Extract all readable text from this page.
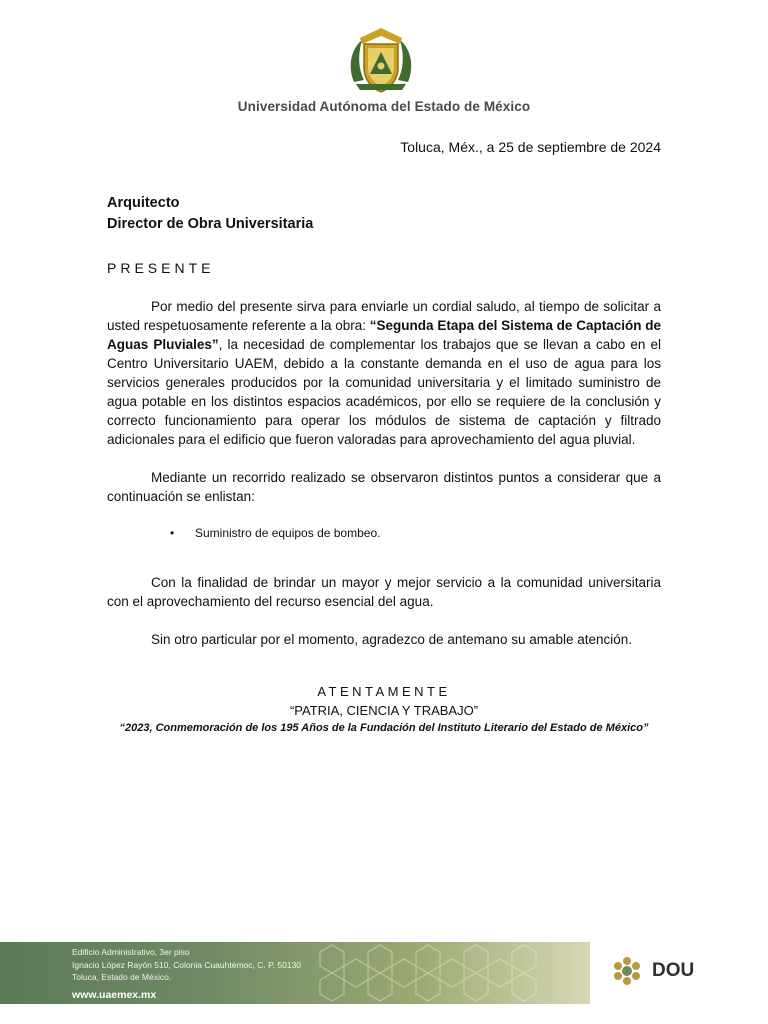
Universidad Autónoma del Estado de México
Toluca, Méx., a 25 de septiembre de 2024
Arquitecto
Director de Obra Universitaria
PRESENTE
Por medio del presente sirva para enviarle un cordial saludo, al tiempo de solicitar a usted respetuosamente referente a la obra: “Segunda Etapa del Sistema de Captación de Aguas Pluviales”, la necesidad de complementar los trabajos que se llevan a cabo en el Centro Universitario UAEM, debido a la constante demanda en el uso de agua para los servicios generales producidos por la comunidad universitaria y el limitado suministro de agua potable en los distintos espacios académicos, por ello se requiere de la conclusión y correcto funcionamiento para operar los módulos de sistema de captación y filtrado adicionales para el edificio que fueron valoradas para aprovechamiento del agua pluvial.
Mediante un recorrido realizado se observaron distintos puntos a considerar que a continuación se enlistan:
• Suministro de equipos de bombeo.
Con la finalidad de brindar un mayor y mejor servicio a la comunidad universitaria con el aprovechamiento del recurso esencial del agua.
Sin otro particular por el momento, agradezco de antemano su amable atención.
ATENTAMENTE
“PATRIA, CIENCIA Y TRABAJO”
“2023, Conmemoración de los 195 Años de la Fundación del Instituto Literario del Estado de México”
Edificio Administrativo, 3er piso
Ignacio López Rayón 510, Colonia Cuauhtémoc, C. P. 50130
Toluca, Estado de México.
www.uaemex.mx
DOU
